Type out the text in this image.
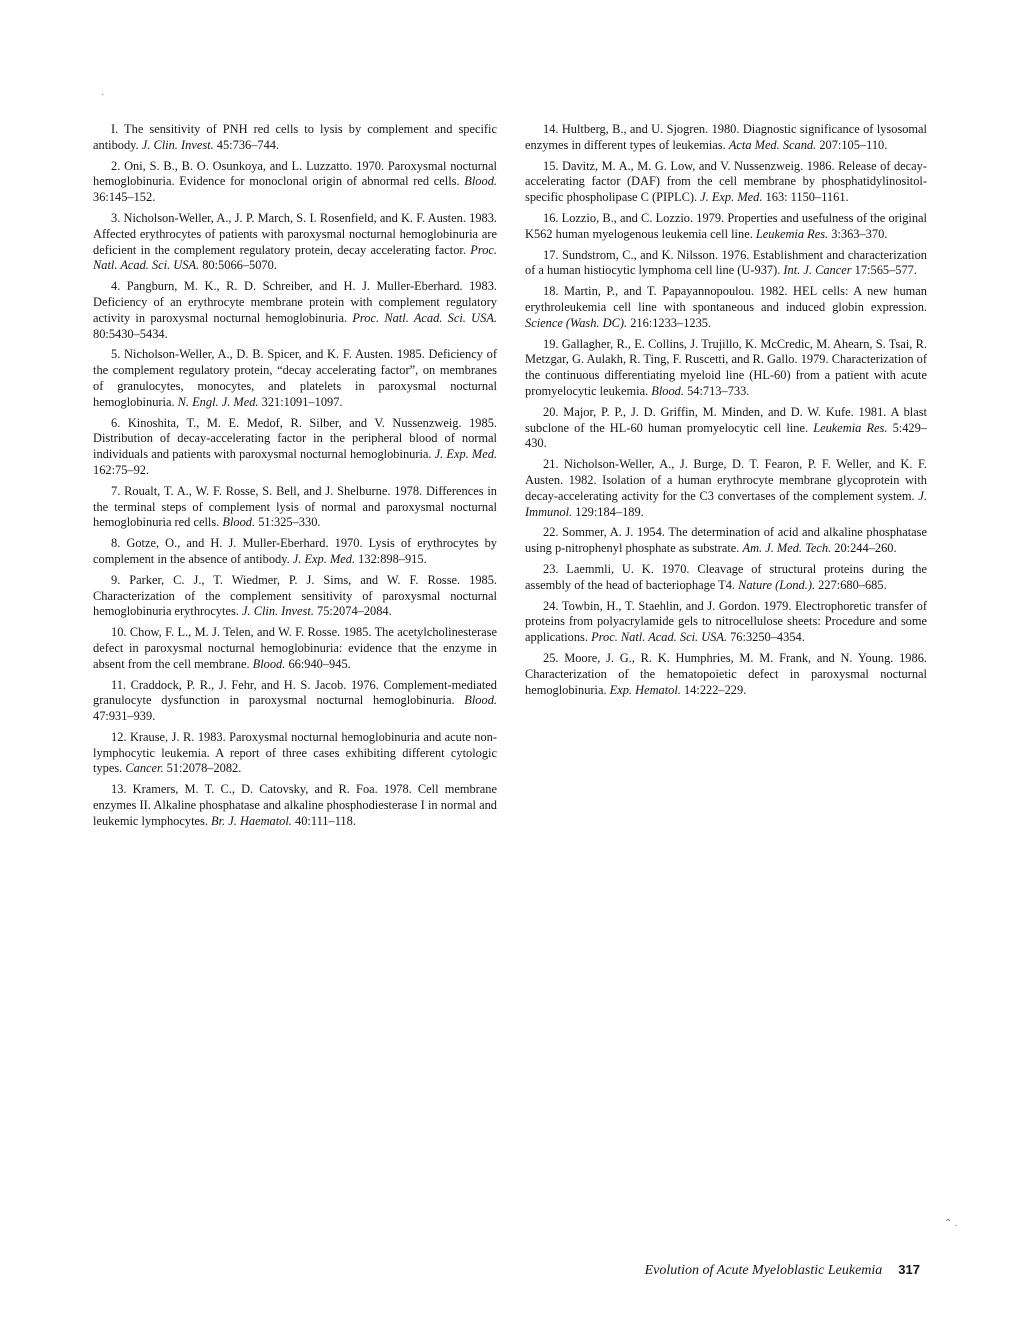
I. The sensitivity of PNH red cells to lysis by complement and specific antibody. J. Clin. Invest. 45:736–744.

2. Oni, S. B., B. O. Osunkoya, and L. Luzzatto. 1970. Paroxysmal nocturnal hemoglobinuria. Evidence for monoclonal origin of abnormal red cells. Blood. 36:145–152.

3. Nicholson-Weller, A., J. P. March, S. I. Rosenfield, and K. F. Austen. 1983. Affected erythrocytes of patients with paroxysmal nocturnal hemoglobinuria are deficient in the complement regulatory protein, decay accelerating factor. Proc. Natl. Acad. Sci. USA. 80:5066–5070.

4. Pangburn, M. K., R. D. Schreiber, and H. J. Muller-Eberhard. 1983. Deficiency of an erythrocyte membrane protein with complement regulatory activity in paroxysmal nocturnal hemoglobinuria. Proc. Natl. Acad. Sci. USA. 80:5430–5434.

5. Nicholson-Weller, A., D. B. Spicer, and K. F. Austen. 1985. Deficiency of the complement regulatory protein, “decay accelerating factor”, on membranes of granulocytes, monocytes, and platelets in paroxysmal nocturnal hemoglobinuria. N. Engl. J. Med. 321:1091–1097.

6. Kinoshita, T., M. E. Medof, R. Silber, and V. Nussenzweig. 1985. Distribution of decay-accelerating factor in the peripheral blood of normal individuals and patients with paroxysmal nocturnal hemoglobinuria. J. Exp. Med. 162:75–92.

7. Roualt, T. A., W. F. Rosse, S. Bell, and J. Shelburne. 1978. Differences in the terminal steps of complement lysis of normal and paroxysmal nocturnal hemoglobinuria red cells. Blood. 51:325–330.

8. Gotze, O., and H. J. Muller-Eberhard. 1970. Lysis of erythrocytes by complement in the absence of antibody. J. Exp. Med. 132:898–915.

9. Parker, C. J., T. Wiedmer, P. J. Sims, and W. F. Rosse. 1985. Characterization of the complement sensitivity of paroxysmal nocturnal hemoglobinuria erythrocytes. J. Clin. Invest. 75:2074–2084.

10. Chow, F. L., M. J. Telen, and W. F. Rosse. 1985. The acetylcholinesterase defect in paroxysmal nocturnal hemoglobinuria: evidence that the enzyme in absent from the cell membrane. Blood. 66:940–945.

11. Craddock, P. R., J. Fehr, and H. S. Jacob. 1976. Complement-mediated granulocyte dysfunction in paroxysmal nocturnal hemoglobinuria. Blood. 47:931–939.

12. Krause, J. R. 1983. Paroxysmal nocturnal hemoglobinuria and acute non-lymphocytic leukemia. A report of three cases exhibiting different cytologic types. Cancer. 51:2078–2082.

13. Kramers, M. T. C., D. Catovsky, and R. Foa. 1978. Cell membrane enzymes II. Alkaline phosphatase and alkaline phosphodiesterase I in normal and leukemic lymphocytes. Br. J. Haematol. 40:111–118.

14. Hultberg, B., and U. Sjogren. 1980. Diagnostic significance of lysosomal enzymes in different types of leukemias. Acta Med. Scand. 207:105–110.

15. Davitz, M. A., M. G. Low, and V. Nussenzweig. 1986. Release of decay-accelerating factor (DAF) from the cell membrane by phosphatidylinositol-specific phospholipase C (PIPLC). J. Exp. Med. 163: 1150–1161.

16. Lozzio, B., and C. Lozzio. 1979. Properties and usefulness of the original K562 human myelogenous leukemia cell line. Leukemia Res. 3:363–370.

17. Sundstrom, C., and K. Nilsson. 1976. Establishment and characterization of a human histiocytic lymphoma cell line (U-937). Int. J. Cancer 17:565–577.

18. Martin, P., and T. Papayannopoulou. 1982. HEL cells: A new human erythroleukemia cell line with spontaneous and induced globin expression. Science (Wash. DC). 216:1233–1235.

19. Gallagher, R., E. Collins, J. Trujillo, K. McCredic, M. Ahearn, S. Tsai, R. Metzgar, G. Aulakh, R. Ting, F. Ruscetti, and R. Gallo. 1979. Characterization of the continuous differentiating myeloid line (HL-60) from a patient with acute promyelocytic leukemia. Blood. 54:713–733.

20. Major, P. P., J. D. Griffin, M. Minden, and D. W. Kufe. 1981. A blast subclone of the HL-60 human promyelocytic cell line. Leukemia Res. 5:429–430.

21. Nicholson-Weller, A., J. Burge, D. T. Fearon, P. F. Weller, and K. F. Austen. 1982. Isolation of a human erythrocyte membrane glycoprotein with decay-accelerating activity for the C3 convertases of the complement system. J. Immunol. 129:184–189.

22. Sommer, A. J. 1954. The determination of acid and alkaline phosphatase using p-nitrophenyl phosphate as substrate. Am. J. Med. Tech. 20:244–260.

23. Laemmli, U. K. 1970. Cleavage of structural proteins during the assembly of the head of bacteriophage T4. Nature (Lond.). 227:680–685.

24. Towbin, H., T. Staehlin, and J. Gordon. 1979. Electrophoretic transfer of proteins from polyacrylamide gels to nitrocellulose sheets: Procedure and some applications. Proc. Natl. Acad. Sci. USA. 76:3250–4354.

25. Moore, J. G., R. K. Humphries, M. M. Frank, and N. Young. 1986. Characterization of the hematopoietic defect in paroxysmal nocturnal hemoglobinuria. Exp. Hematol. 14:222–229.

Evolution of Acute Myeloblastic Leukemia 317
·
⌃ .
